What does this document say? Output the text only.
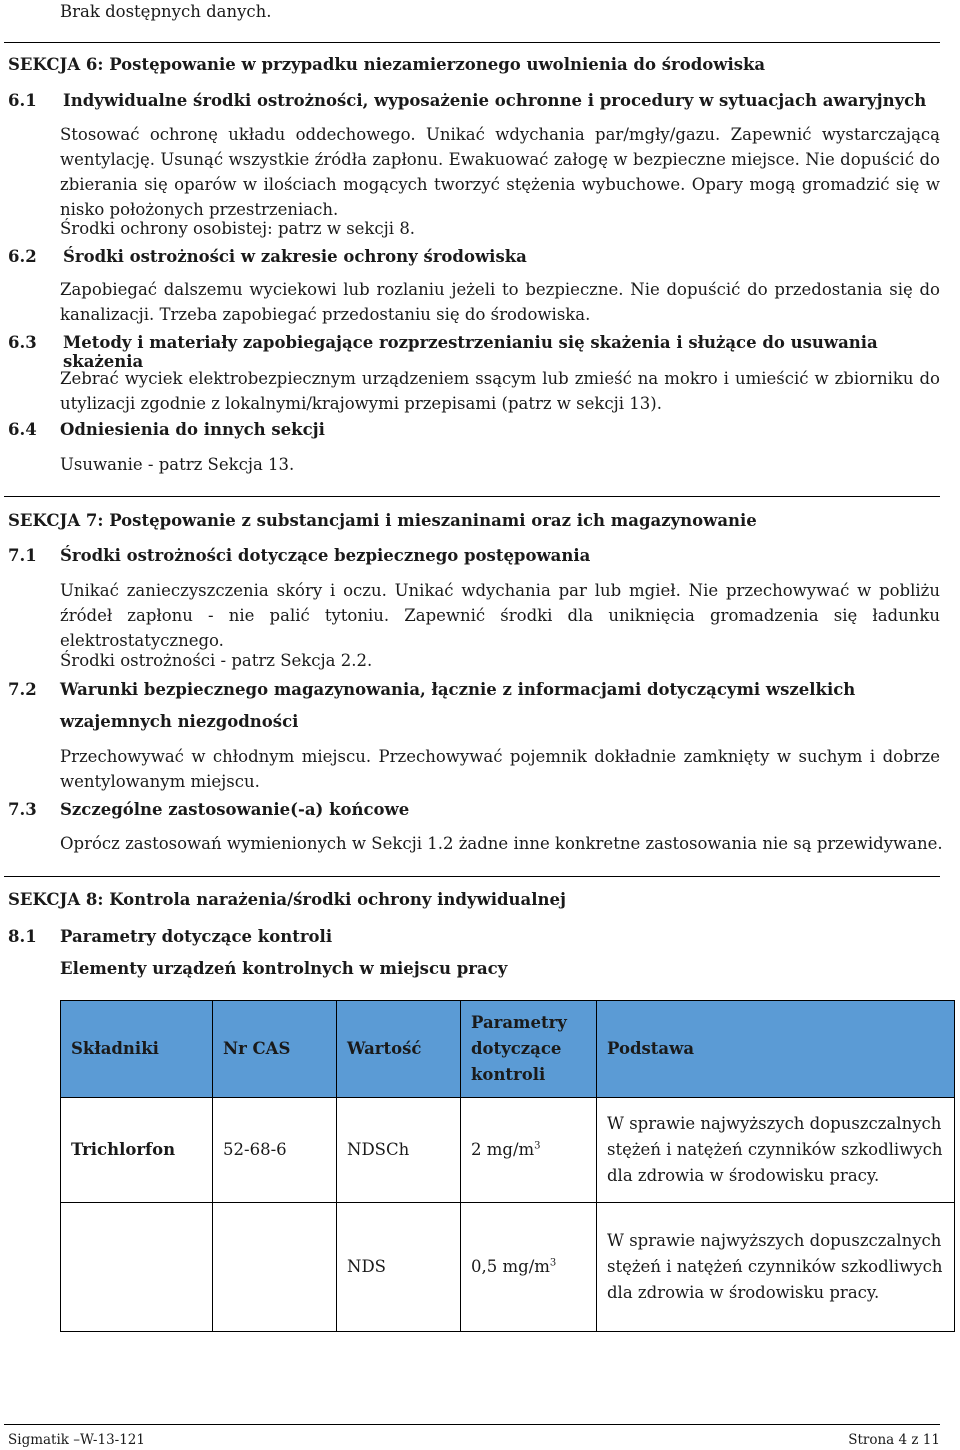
Brak dostępnych danych.
SEKCJA 6: Postępowanie w przypadku niezamierzonego uwolnienia do środowiska
6.1 Indywidualne środki ostrożności, wyposażenie ochronne i procedury w sytuacjach awaryjnych
Stosować ochronę układu oddechowego. Unikać wdychania par/mgły/gazu. Zapewnić wystarczającą wentylację. Usunąć wszystkie źródła zapłonu. Ewakuować załogę w bezpieczne miejsce. Nie dopuścić do zbierania się oparów w ilościach mogących tworzyć stężenia wybuchowe. Opary mogą gromadzić się w nisko położonych przestrzeniach.
Środki ochrony osobistej: patrz w sekcji 8.
6.2 Środki ostrożności w zakresie ochrony środowiska
Zapobiegać dalszemu wyciekowi lub rozlaniu jeżeli to bezpieczne. Nie dopuścić do przedostania się do kanalizacji. Trzeba zapobiegać przedostaniu się do środowiska.
6.3 Metody i materiały zapobiegające rozprzestrzenianiu się skażenia i służące do usuwania skażenia
Zebrać wyciek elektrobezpiecznym urządzeniem ssącym lub zmieść na mokro i umieścić w zbiorniku do utylizacji zgodnie z lokalnymi/krajowymi przepisami (patrz w sekcji 13).
6.4 Odniesienia do innych sekcji
Usuwanie - patrz Sekcja 13.
SEKCJA 7: Postępowanie z substancjami i mieszaninami oraz ich magazynowanie
7.1 Środki ostrożności dotyczące bezpiecznego postępowania
Unikać zanieczyszczenia skóry i oczu. Unikać wdychania par lub mgieł. Nie przechowywać w pobliżu źródeł zapłonu - nie palić tytoniu. Zapewnić środki dla uniknięcia gromadzenia się ładunku elektrostatycznego.
Środki ostrożności - patrz Sekcja 2.2.
7.2 Warunki bezpiecznego magazynowania, łącznie z informacjami dotyczącymi wszelkich
wzajemnych niezgodności
Przechowywać w chłodnym miejscu. Przechowywać pojemnik dokładnie zamknięty w suchym i dobrze wentylowanym miejscu.
7.3 Szczególne zastosowanie(-a) końcowe
Oprócz zastosowań wymienionych w Sekcji 1.2 żadne inne konkretne zastosowania nie są przewidywane.
SEKCJA 8: Kontrola narażenia/środki ochrony indywidualnej
8.1 Parametry dotyczące kontroli
Elementy urządzeń kontrolnych w miejscu pracy
Składniki	Nr CAS	Wartość	Parametry dotyczące kontroli	Podstawa
Trichlorfon	52-68-6	NDSCh	2 $mg/m^3$	W sprawie najwyższych dopuszczalnych stężeń i natężeń czynników szkodliwych dla zdrowia w środowisku pracy.
		NDS	0,5 $mg/m^3$	W sprawie najwyższych dopuszczalnych stężeń i natężeń czynników szkodliwych dla zdrowia w środowisku pracy.
Sigmatik –W-13-121	Strona 4 z 11
